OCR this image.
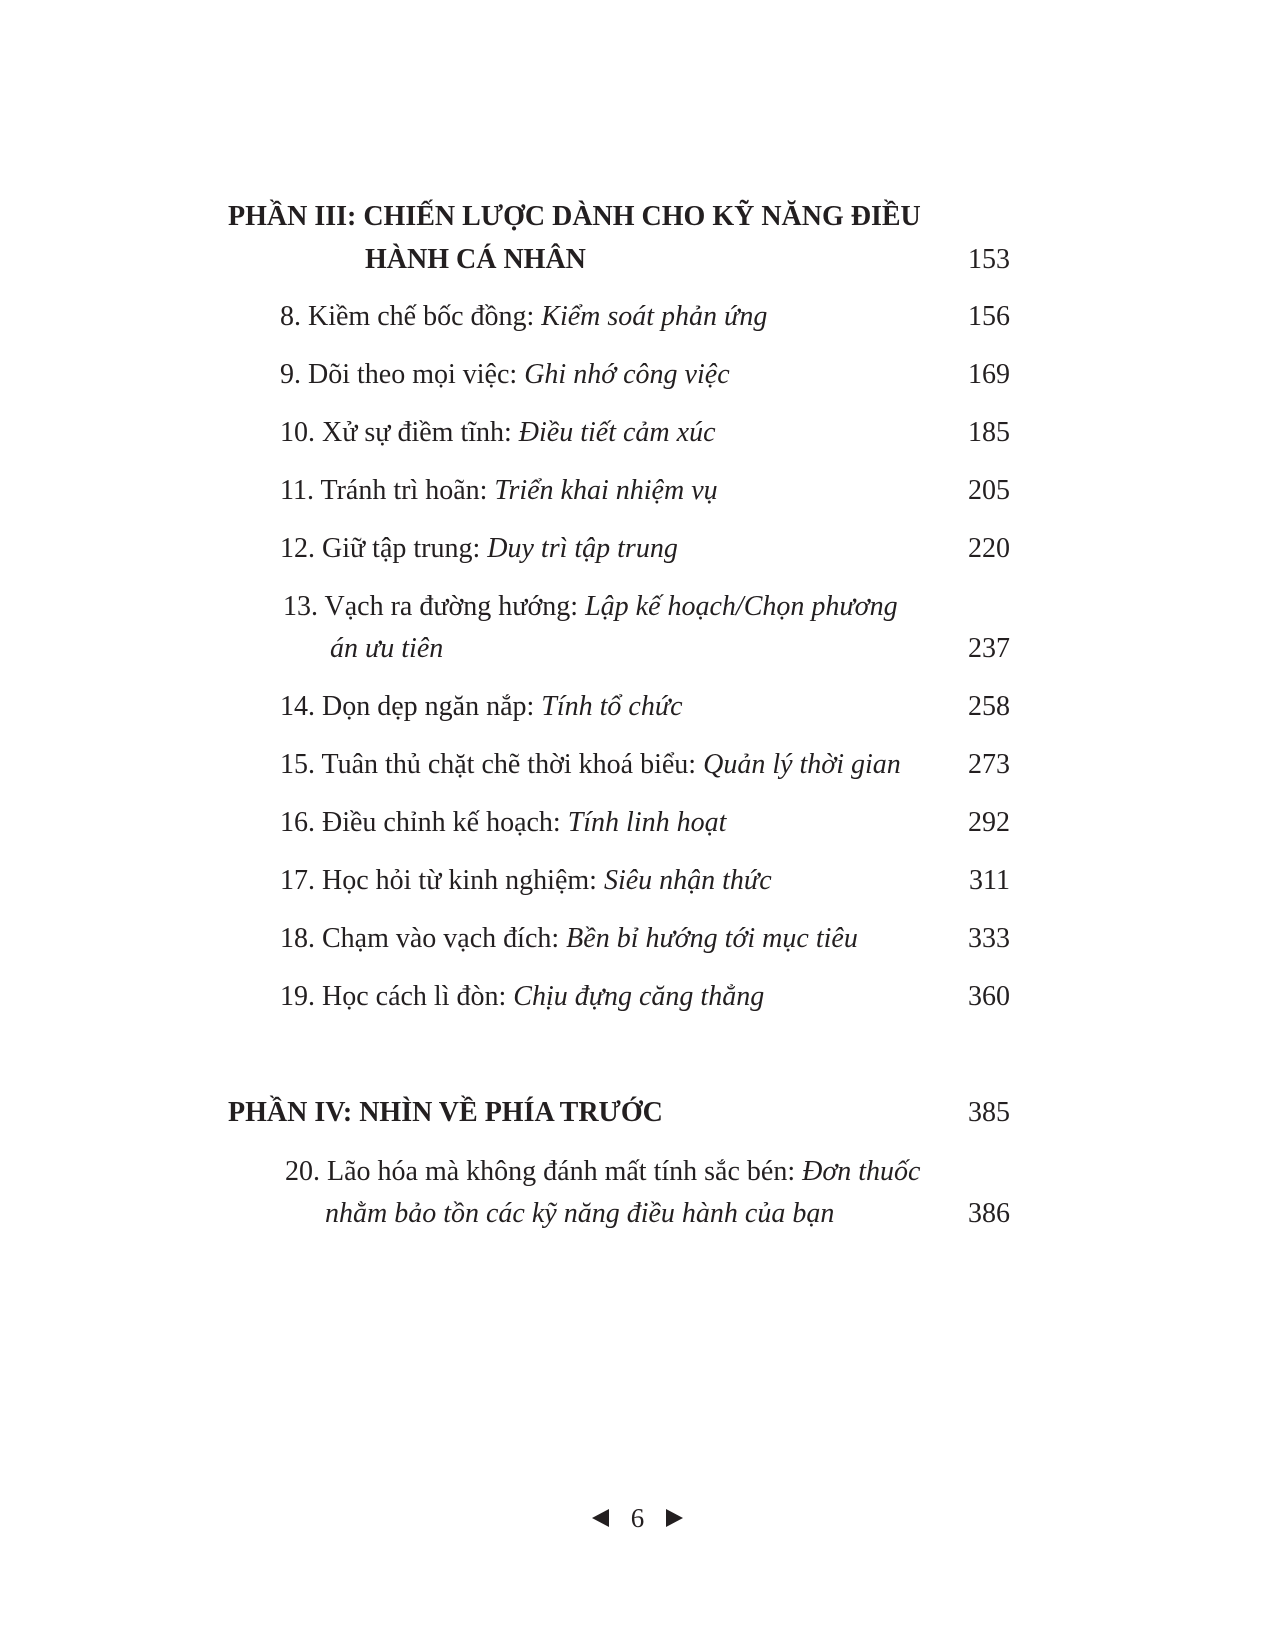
PHẦN III: CHIẾN LƯỢC DÀNH CHO KỸ NĂNG ĐIỀU
HÀNH CÁ NHÂN	153
8. Kiềm chế bốc đồng: Kiểm soát phản ứng	156
9. Dõi theo mọi việc: Ghi nhớ công việc	169
10. Xử sự điềm tĩnh: Điều tiết cảm xúc	185
11. Tránh trì hoãn: Triển khai nhiệm vụ	205
12. Giữ tập trung: Duy trì tập trung	220
13. Vạch ra đường hướng: Lập kế hoạch/Chọn phương
án ưu tiên	237
14. Dọn dẹp ngăn nắp: Tính tổ chức	258
15. Tuân thủ chặt chẽ thời khoá biểu: Quản lý thời gian 273
16. Điều chỉnh kế hoạch: Tính linh hoạt	292
17. Học hỏi từ kinh nghiệm: Siêu nhận thức	311
18. Chạm vào vạch đích: Bền bỉ hướng tới mục tiêu	333
19. Học cách lì đòn: Chịu đựng căng thẳng	360
PHẦN IV: NHÌN VỀ PHÍA TRƯỚC	385
20. Lão hóa mà không đánh mất tính sắc bén: Đơn thuốc
nhằm bảo tồn các kỹ năng điều hành của bạn	386
6
